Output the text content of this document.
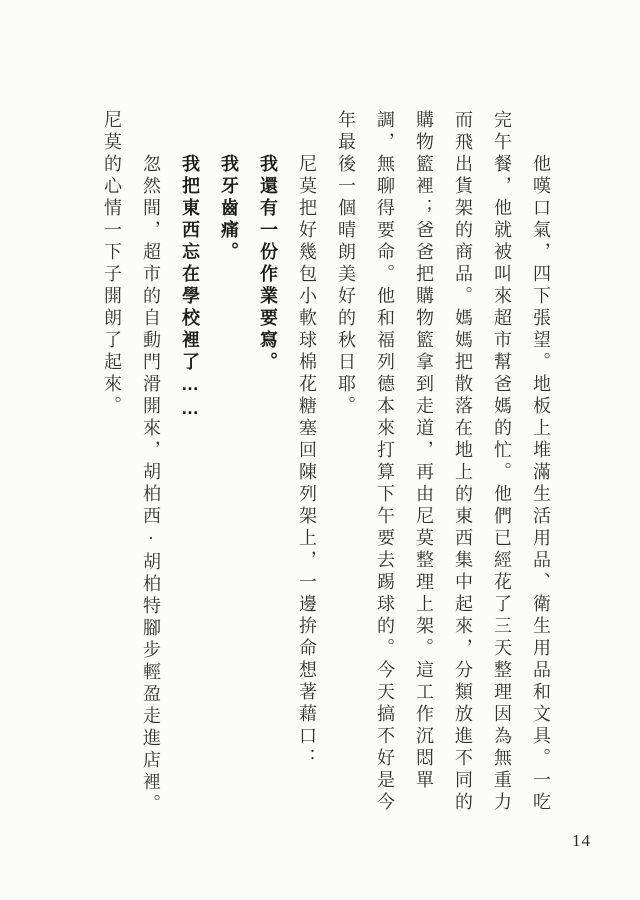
他嘆口氣，四下張望。地板上堆滿生活用品、衛生用品和文具。一吃完午餐，他就被叫來超市幫爸媽的忙。他們已經花了三天整理因為無重力而飛出貨架的商品。媽媽把散落在地上的東西集中起來，分類放進不同的購物籃裡；爸爸把購物籃拿到走道，再由尼莫整理上架。這工作沉悶單調，無聊得要命。他和福列德本來打算下午要去踢球的。今天搞不好是今年最後一個晴朗美好的秋日耶。

尼莫把好幾包小軟球棉花糖塞回陳列架上，一邊拚命想著藉口：

我還有一份作業要寫。

我牙齒痛。

我把東西忘在學校裡了……

忽然間，超市的自動門滑開來，胡柏西·胡柏特腳步輕盈走進店裡。

尼莫的心情一下子開朗了起來。

14
